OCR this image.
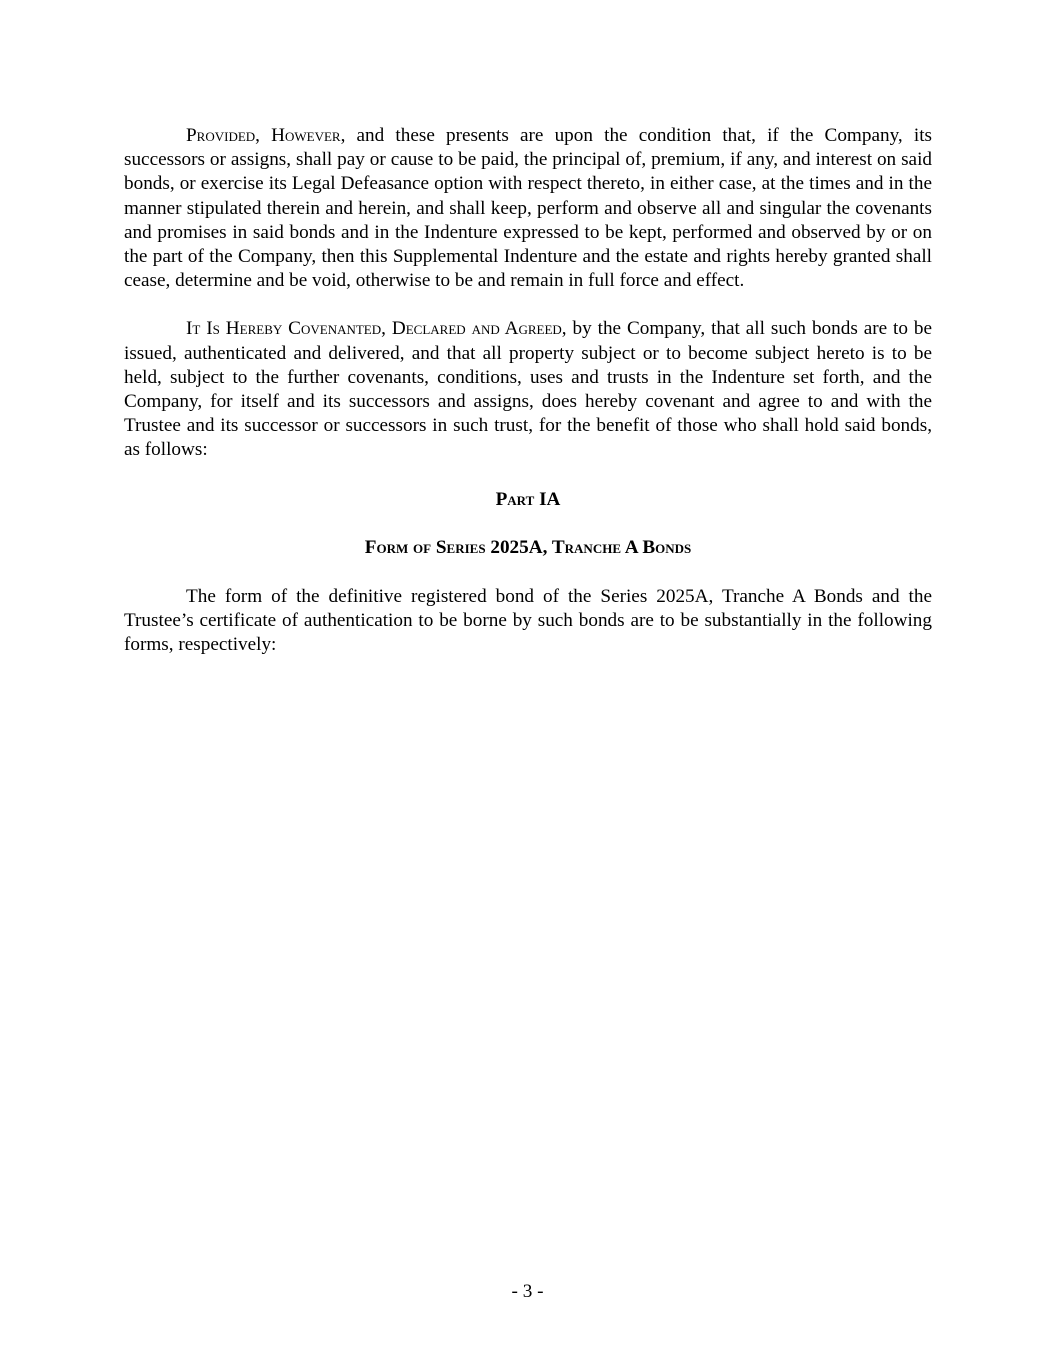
Provided, However, and these presents are upon the condition that, if the Company, its successors or assigns, shall pay or cause to be paid, the principal of, premium, if any, and interest on said bonds, or exercise its Legal Defeasance option with respect thereto, in either case, at the times and in the manner stipulated therein and herein, and shall keep, perform and observe all and singular the covenants and promises in said bonds and in the Indenture expressed to be kept, performed and observed by or on the part of the Company, then this Supplemental Indenture and the estate and rights hereby granted shall cease, determine and be void, otherwise to be and remain in full force and effect.

It Is Hereby Covenanted, Declared and Agreed, by the Company, that all such bonds are to be issued, authenticated and delivered, and that all property subject or to become subject hereto is to be held, subject to the further covenants, conditions, uses and trusts in the Indenture set forth, and the Company, for itself and its successors and assigns, does hereby covenant and agree to and with the Trustee and its successor or successors in such trust, for the benefit of those who shall hold said bonds, as follows:

Part IA

Form of Series 2025A, Tranche A Bonds

The form of the definitive registered bond of the Series 2025A, Tranche A Bonds and the Trustee’s certificate of authentication to be borne by such bonds are to be substantially in the following forms, respectively:

- 3 -
